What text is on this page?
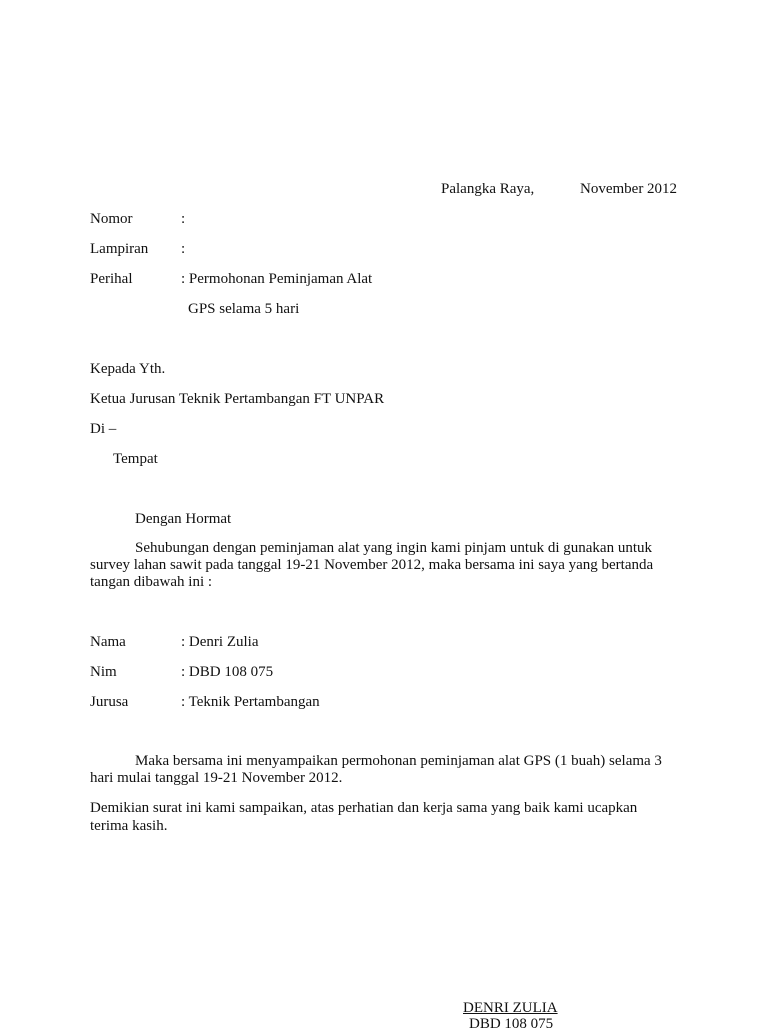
Palangka Raya,	November 2012
Nomor	:
Lampiran :
Perihal	: Permohonan Peminjaman Alat
GPS selama 5 hari
Kepada Yth.
Ketua Jurusan Teknik Pertambangan FT UNPAR
Di –
Tempat
Dengan Hormat
Sehubungan dengan peminjaman alat yang ingin kami pinjam untuk di gunakan untuk
survey lahan sawit pada tanggal 19-21 November 2012, maka bersama ini saya yang bertanda
tangan dibawah ini :
Nama	: Denri Zulia
Nim	: DBD 108 075
Jurusa	: Teknik Pertambangan
Maka bersama ini menyampaikan permohonan peminjaman alat GPS (1 buah) selama 3
hari mulai tanggal 19-21 November 2012.
Demikian surat ini kami sampaikan, atas perhatian dan kerja sama yang baik kami ucapkan
terima kasih.
DENRI ZULIA
DBD 108 075
